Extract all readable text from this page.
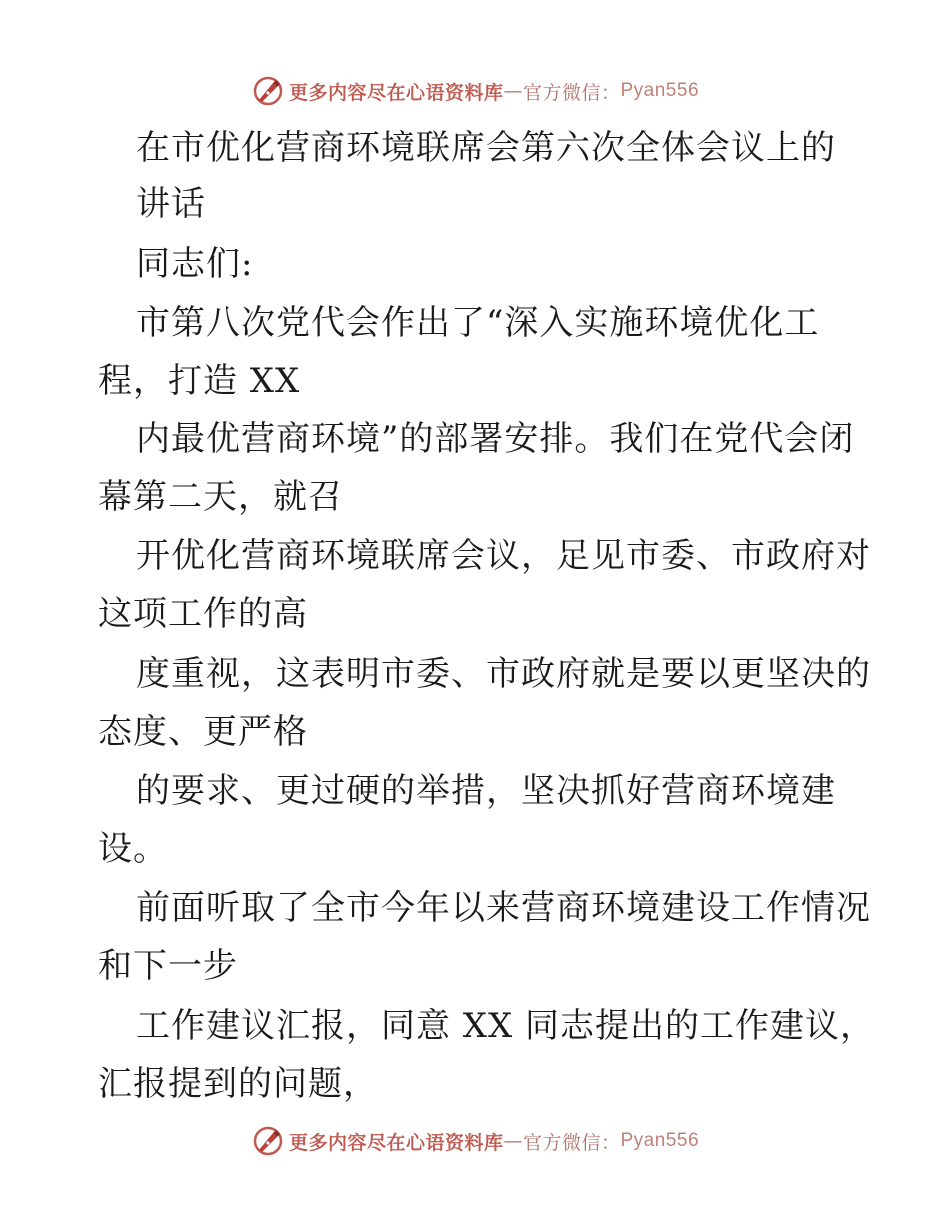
更多内容尽在心语资料库 — 官方微信： Pyan556
在市优化营商环境联席会第六次全体会议上的
讲话
同志们:
市第八次党代会作出了“深入实施环境优化工
程，打造 XX
内最优营商环境”的部署安排。我们在党代会闭
幕第二天，就召
开优化营商环境联席会议，足见市委、市政府对
这项工作的高
度重视，这表明市委、市政府就是要以更坚决的
态度、更严格
的要求、更过硬的举措，坚决抓好营商环境建
设。
前面听取了全市今年以来营商环境建设工作情况
和下一步
工作建议汇报，同意 XX 同志提出的工作建议，
汇报提到的问题，
更多内容尽在心语资料库 — 官方微信： Pyan556
